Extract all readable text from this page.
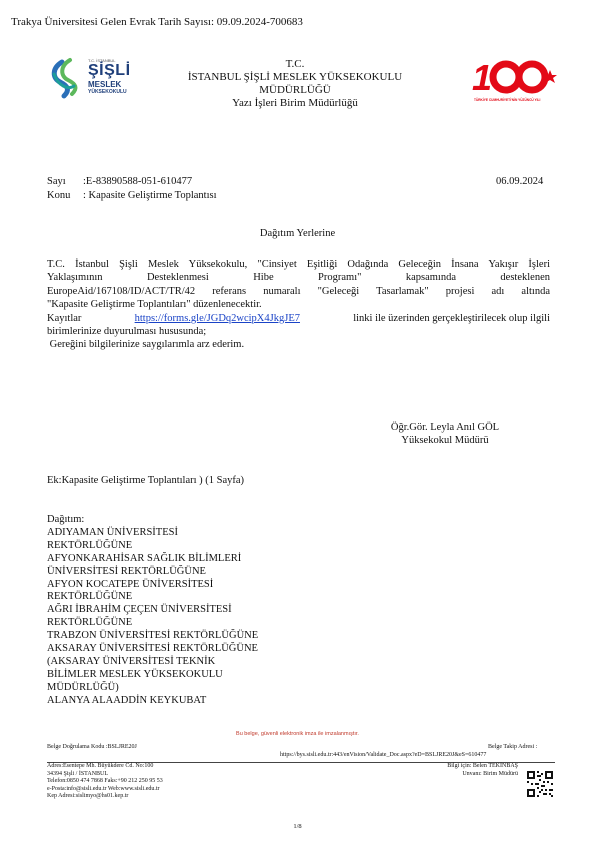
Trakya Üniversitesi Gelen Evrak Tarih Sayısı: 09.09.2024-700683
T.C. İSTANBUL
ŞİŞLİ
MESLEK
YÜKSEKOKULU
T.C.
İSTANBUL ŞİŞLİ MESLEK YÜKSEKOKULU
MÜDÜRLÜĞÜ
Yazı İşleri Birim Müdürlüğü
1
TÜRKİYE CUMHURİYETİ'NİN YÜZÜNCÜ YILI
Sayı :E-83890588-051-610477	06.09.2024
Konu : Kapasite Geliştirme Toplantısı
Dağıtım Yerlerine
T.C. İstanbul Şişli Meslek Yüksekokulu, "Cinsiyet Eşitliği Odağında Geleceğin İnsana Yakışır İşleri
Yaklaşımının Desteklenmesi Hibe Programı" kapsamında desteklenen
EuropeAid/167108/ID/ACT/TR/42 referans numaralı "Geleceği Tasarlamak" projesi adı altında
"Kapasite Geliştirme Toplantıları" düzenlenecektir.
Kayıtlar	https://forms.gle/JGDq2wcipX4JkgJE7	linki ile üzerinden gerçekleştirilecek olup ilgili
birimlerinize duyurulması hususunda;
Gereğini bilgilerinize saygılarımla arz ederim.
Öğr.Gör. Leyla Anıl GÖL
Yüksekokul Müdürü
Ek:Kapasite Geliştirme Toplantıları ) (1 Sayfa)
Dağıtım:
ADIYAMAN ÜNİVERSİTESİ
REKTÖRLÜĞÜNE
AFYONKARAHİSAR SAĞLIK BİLİMLERİ
ÜNİVERSİTESİ REKTÖRLÜĞÜNE
AFYON KOCATEPE ÜNİVERSİTESİ
REKTÖRLÜĞÜNE
AĞRI İBRAHİM ÇEÇEN ÜNİVERSİTESİ
REKTÖRLÜĞÜNE
TRABZON ÜNİVERSİTESİ REKTÖRLÜĞÜNE
AKSARAY ÜNİVERSİTESİ REKTÖRLÜĞÜNE
(AKSARAY ÜNİVERSİTESİ TEKNİK
BİLİMLER MESLEK YÜKSEKOKULU
MÜDÜRLÜĞÜ)
ALANYA ALAADDİN KEYKUBAT
Bu belge, güvenli elektronik imza ile imzalanmıştır.
Belge Doğrulama Kodu :BSLJRE20J	Belge Takip Adresi :
https://bys.sisli.edu.tr:443/enVision/Validate_Doc.aspx?eD=BSLJRE20J&eS=610477
Adres:Esentepe Mh. Büyükdere Cd. No:100
34394 Şişli / İSTANBUL
Telefon:0850 474 7868 Faks:+90 212 250 95 53
e-Posta:info@sisli.edu.tr Web:www.sisli.edu.tr
Kep Adresi:sislimyo@hs01.kep.tr
Bilgi için: Belen TEKİNBAŞ
Unvanı: Birim Müdürü
1/8
